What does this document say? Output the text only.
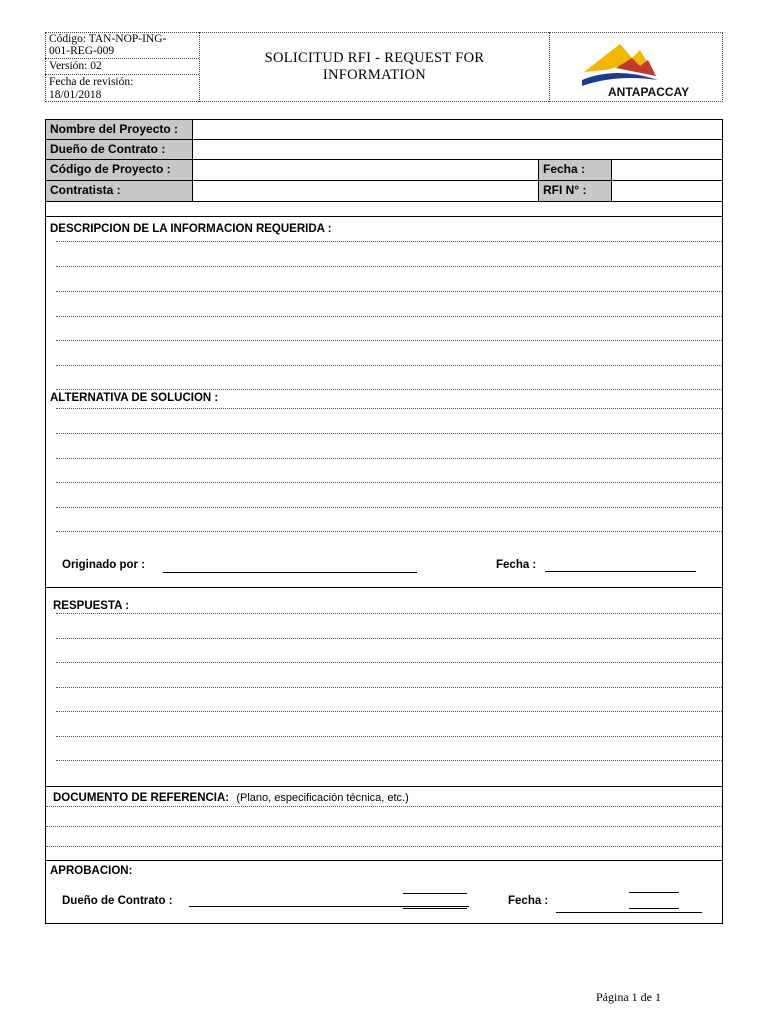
Código: TAN-NOP-ING-
001-REG-009
Versión: 02
Fecha de revisión:
18/01/2018
SOLICITUD RFI - REQUEST FOR
INFORMATION
ANTAPACCAY
Nombre del Proyecto :
Dueño de Contrato :
Código de Proyecto :	Fecha :
Contratista :	RFI N° :
DESCRIPCION DE LA INFORMACION REQUERIDA :
ALTERNATIVA DE SOLUCION :
Originado por :	Fecha :
RESPUESTA :
DOCUMENTO DE REFERENCIA: (Plano, especificación técnica, etc.)
APROBACION:
Dueño de Contrato :	Fecha :
Página 1 de 1
